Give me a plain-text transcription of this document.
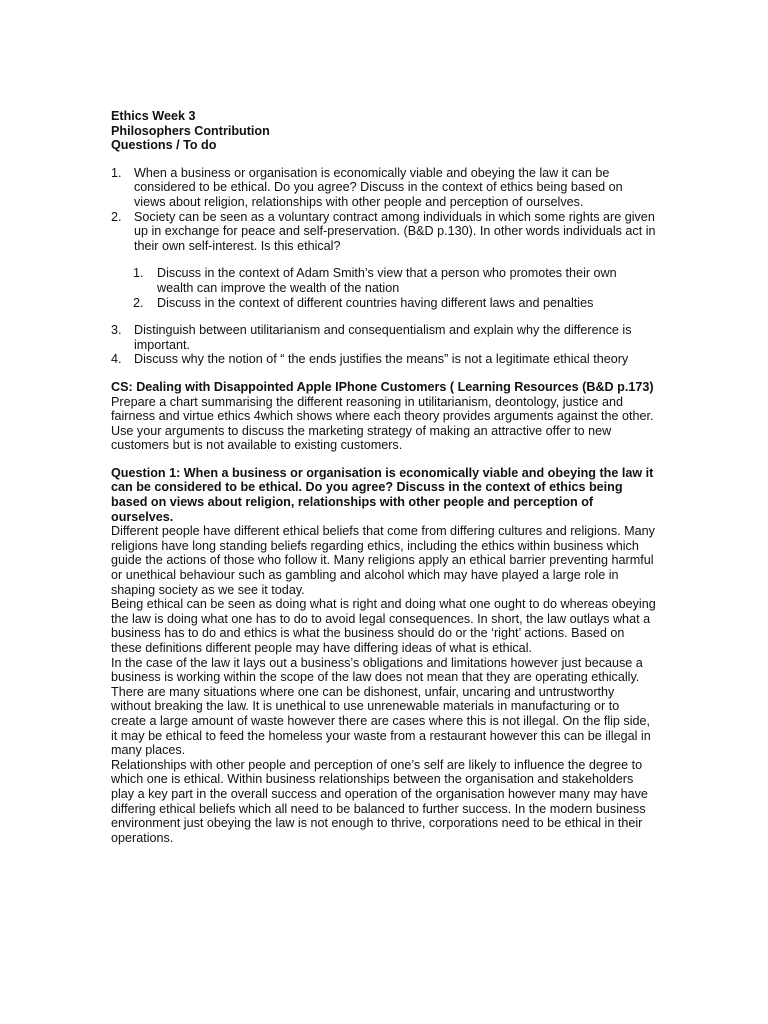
Ethics Week 3
Philosophers Contribution
Questions / To do
1. When a business or organisation is economically viable and obeying the law it can be considered to be ethical. Do you agree? Discuss in the context of ethics being based on views about religion, relationships with other people and perception of ourselves.
2. Society can be seen as a voluntary contract among individuals in which some rights are given up in exchange for peace and self-preservation. (B&D p.130). In other words individuals act in their own self-interest. Is this ethical?
1. Discuss in the context of Adam Smith’s view that a person who promotes their own wealth can improve the wealth of the nation
2. Discuss in the context of different countries having different laws and penalties
3. Distinguish between utilitarianism and consequentialism and explain why the difference is important.
4. Discuss why the notion of “ the ends justifies the means” is not a legitimate ethical theory
CS: Dealing with Disappointed Apple IPhone Customers ( Learning Resources (B&D p.173)

Prepare a chart summarising the different reasoning in utilitarianism, deontology, justice and fairness and virtue ethics 4which shows where each theory provides arguments against the other.

Use your arguments to discuss the marketing strategy of making an attractive offer to new customers but is not available to existing customers.

Question 1: When a business or organisation is economically viable and obeying the law it can be considered to be ethical. Do you agree? Discuss in the context of ethics being based on views about religion, relationships with other people and perception of ourselves.

Different people have different ethical beliefs that come from differing cultures and religions. Many religions have long standing beliefs regarding ethics, including the ethics within business which guide the actions of those who follow it. Many religions apply an ethical barrier preventing harmful or unethical behaviour such as gambling and alcohol which may have played a large role in shaping society as we see it today.

Being ethical can be seen as doing what is right and doing what one ought to do whereas obeying the law is doing what one has to do to avoid legal consequences. In short, the law outlays what a business has to do and ethics is what the business should do or the ‘right’ actions. Based on these definitions different people may have differing ideas of what is ethical.

In the case of the law it lays out a business’s obligations and limitations however just because a business is working within the scope of the law does not mean that they are operating ethically. There are many situations where one can be dishonest, unfair, uncaring and untrustworthy without breaking the law. It is unethical to use unrenewable materials in manufacturing or to create a large amount of waste however there are cases where this is not illegal. On the flip side, it may be ethical to feed the homeless your waste from a restaurant however this can be illegal in many places.

Relationships with other people and perception of one’s self are likely to influence the degree to which one is ethical. Within business relationships between the organisation and stakeholders play a key part in the overall success and operation of the organisation however many may have differing ethical beliefs which all need to be balanced to further success. In the modern business environment just obeying the law is not enough to thrive, corporations need to be ethical in their operations.
